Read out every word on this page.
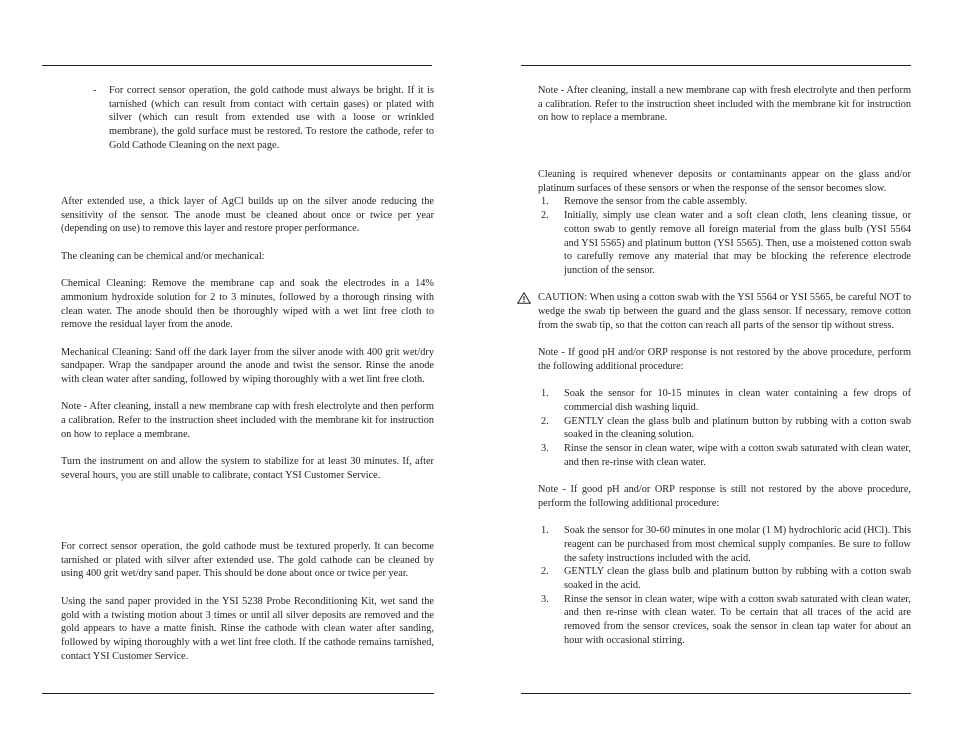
- For correct sensor operation, the gold cathode must always be bright. If it is tarnished (which can result from contact with certain gases) or plated with silver (which can result from extended use with a loose or wrinkled membrane), the gold surface must be restored. To restore the cathode, refer to Gold Cathode Cleaning on the next page.

After extended use, a thick layer of AgCl builds up on the silver anode reducing the sensitivity of the sensor. The anode must be cleaned about once or twice per year (depending on use) to remove this layer and restore proper performance.

The cleaning can be chemical and/or mechanical:

Chemical Cleaning: Remove the membrane cap and soak the electrodes in a 14% ammonium hydroxide solution for 2 to 3 minutes, followed by a thorough rinsing with clean water. The anode should then be thoroughly wiped with a wet lint free cloth to remove the residual layer from the anode.

Mechanical Cleaning: Sand off the dark layer from the silver anode with 400 grit wet/dry sandpaper. Wrap the sandpaper around the anode and twist the sensor. Rinse the anode with clean water after sanding, followed by wiping thoroughly with a wet lint free cloth.

Note - After cleaning, install a new membrane cap with fresh electrolyte and then perform a calibration. Refer to the instruction sheet included with the membrane kit for instruction on how to replace a membrane.

Turn the instrument on and allow the system to stabilize for at least 30 minutes. If, after several hours, you are still unable to calibrate, contact YSI Customer Service.

For correct sensor operation, the gold cathode must be textured properly. It can become tarnished or plated with silver after extended use. The gold cathode can be cleaned by using 400 grit wet/dry sand paper. This should be done about once or twice per year.

Using the sand paper provided in the YSI 5238 Probe Reconditioning Kit, wet sand the gold with a twisting motion about 3 times or until all silver deposits are removed and the gold appears to have a matte finish. Rinse the cathode with clean water after sanding, followed by wiping thoroughly with a wet lint free cloth. If the cathode remains tarnished, contact YSI Customer Service.

Note - After cleaning, install a new membrane cap with fresh electrolyte and then perform a calibration. Refer to the instruction sheet included with the membrane kit for instruction on how to replace a membrane.

Cleaning is required whenever deposits or contaminants appear on the glass and/or platinum surfaces of these sensors or when the response of the sensor becomes slow.

1. Remove the sensor from the cable assembly.

2. Initially, simply use clean water and a soft clean cloth, lens cleaning tissue, or cotton swab to gently remove all foreign material from the glass bulb (YSI 5564 and YSI 5565) and platinum button (YSI 5565). Then, use a moistened cotton swab to carefully remove any material that may be blocking the reference electrode junction of the sensor.

CAUTION: When using a cotton swab with the YSI 5564 or YSI 5565, be careful NOT to wedge the swab tip between the guard and the glass sensor. If necessary, remove cotton from the swab tip, so that the cotton can reach all parts of the sensor tip without stress.

Note - If good pH and/or ORP response is not restored by the above procedure, perform the following additional procedure:

1. Soak the sensor for 10-15 minutes in clean water containing a few drops of commercial dish washing liquid.

2. GENTLY clean the glass bulb and platinum button by rubbing with a cotton swab soaked in the cleaning solution.

3. Rinse the sensor in clean water, wipe with a cotton swab saturated with clean water, and then re-rinse with clean water.

Note - If good pH and/or ORP response is still not restored by the above procedure, perform the following additional procedure:

1. Soak the sensor for 30-60 minutes in one molar (1 M) hydrochloric acid (HCl). This reagent can be purchased from most chemical supply companies. Be sure to follow the safety instructions included with the acid.

2. GENTLY clean the glass bulb and platinum button by rubbing with a cotton swab soaked in the acid.

3. Rinse the sensor in clean water, wipe with a cotton swab saturated with clean water, and then re-rinse with clean water. To be certain that all traces of the acid are removed from the sensor crevices, soak the sensor in clean tap water for about an hour with occasional stirring.
